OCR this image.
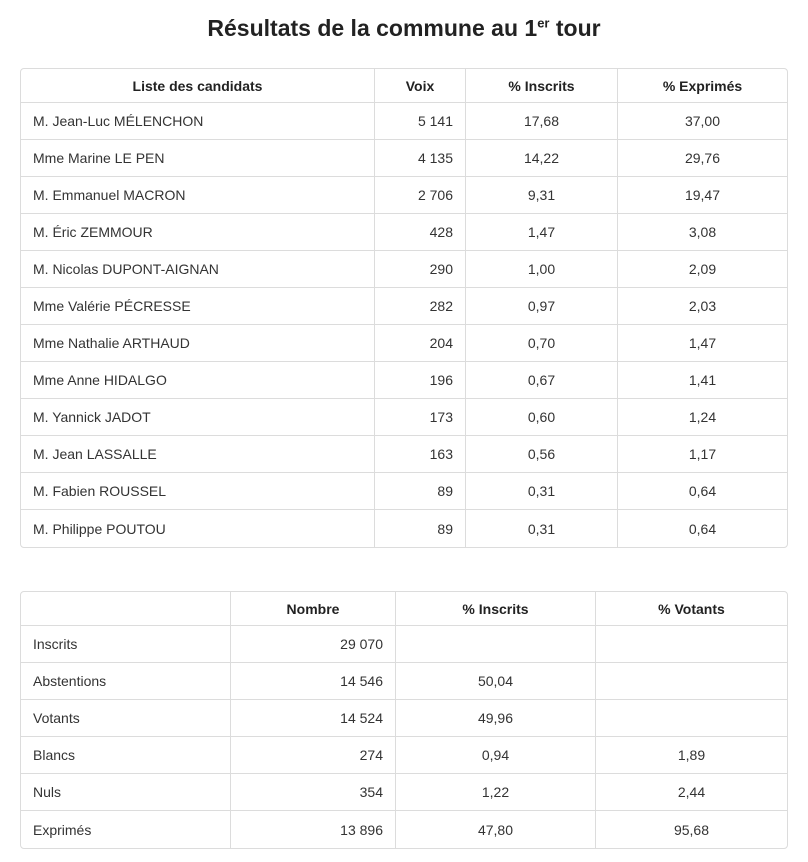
Résultats de la commune au 1er tour
Liste des candidats	Voix	% Inscrits	% Exprimés
M. Jean-Luc MÉLENCHON	5 141	17,68	37,00
Mme Marine LE PEN	4 135	14,22	29,76
M. Emmanuel MACRON	2 706	9,31	19,47
M. Éric ZEMMOUR	428	1,47	3,08
M. Nicolas DUPONT-AIGNAN	290	1,00	2,09
Mme Valérie PÉCRESSE	282	0,97	2,03
Mme Nathalie ARTHAUD	204	0,70	1,47
Mme Anne HIDALGO	196	0,67	1,41
M. Yannick JADOT	173	0,60	1,24
M. Jean LASSALLE	163	0,56	1,17
M. Fabien ROUSSEL	89	0,31	0,64
M. Philippe POUTOU	89	0,31	0,64
	Nombre	% Inscrits	% Votants
Inscrits	29 070		
Abstentions	14 546	50,04	
Votants	14 524	49,96	
Blancs	274	0,94	1,89
Nuls	354	1,22	2,44
Exprimés	13 896	47,80	95,68
